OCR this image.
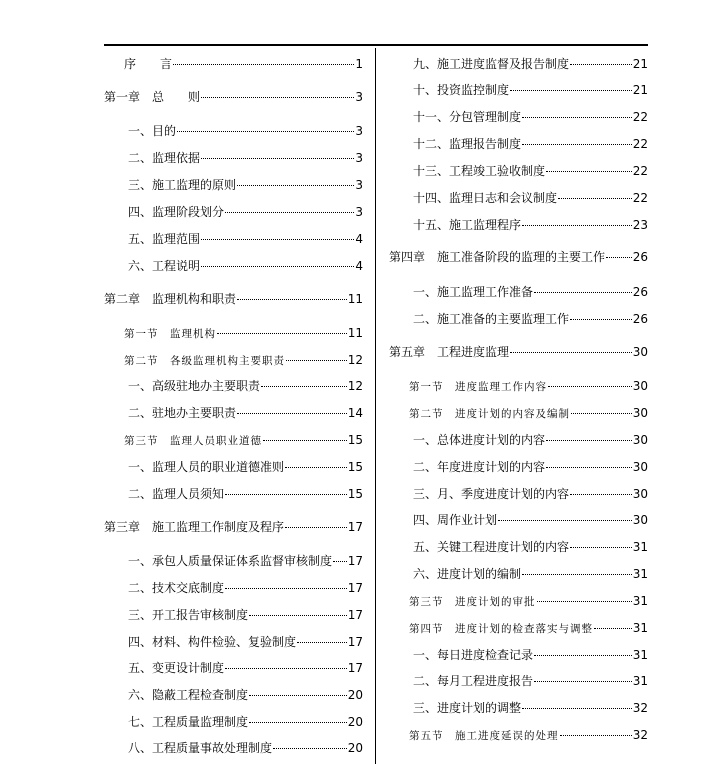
序　　言	1
第一章　总　　则	3
一、目的	3
二、监理依据	3
三、施工监理的原则	3
四、监理阶段划分	3
五、监理范围	4
六、工程说明	4
第二章　监理机构和职责	11
第一节　监理机构	11
第二节　各级监理机构主要职责	12
一、高级驻地办主要职责	12
二、驻地办主要职责	14
第三节　监理人员职业道德	15
一、监理人员的职业道德准则	15
二、监理人员须知	15
第三章　施工监理工作制度及程序	17
一、承包人质量保证体系监督审核制度 17
二、技术交底制度	17
三、开工报告审核制度	17
四、材料、构件检验、复验制度	17
五、变更设计制度	17
六、隐蔽工程检查制度	20
七、工程质量监理制度	20
八、工程质量事故处理制度	20
九、施工进度监督及报告制度	21
十、投资监控制度	21
十一、分包管理制度	22
十二、监理报告制度	22
十三、工程竣工验收制度	22
十四、监理日志和会议制度	22
十五、施工监理程序	23
第四章　施工准备阶段的监理的主要工作 26
一、施工监理工作准备	26
二、施工准备的主要监理工作	26
第五章　工程进度监理	30
第一节　进度监理工作内容	30
第二节　进度计划的内容及编制	30
一、总体进度计划的内容	30
二、年度进度计划的内容	30
三、月、季度进度计划的内容	30
四、周作业计划	30
五、关键工程进度计划的内容	31
六、进度计划的编制	31
第三节　进度计划的审批	31
第四节　进度计划的检查落实与调整	31
一、每日进度检查记录	31
二、每月工程进度报告	31
三、进度计划的调整	32
第五节　施工进度延误的处理	32
